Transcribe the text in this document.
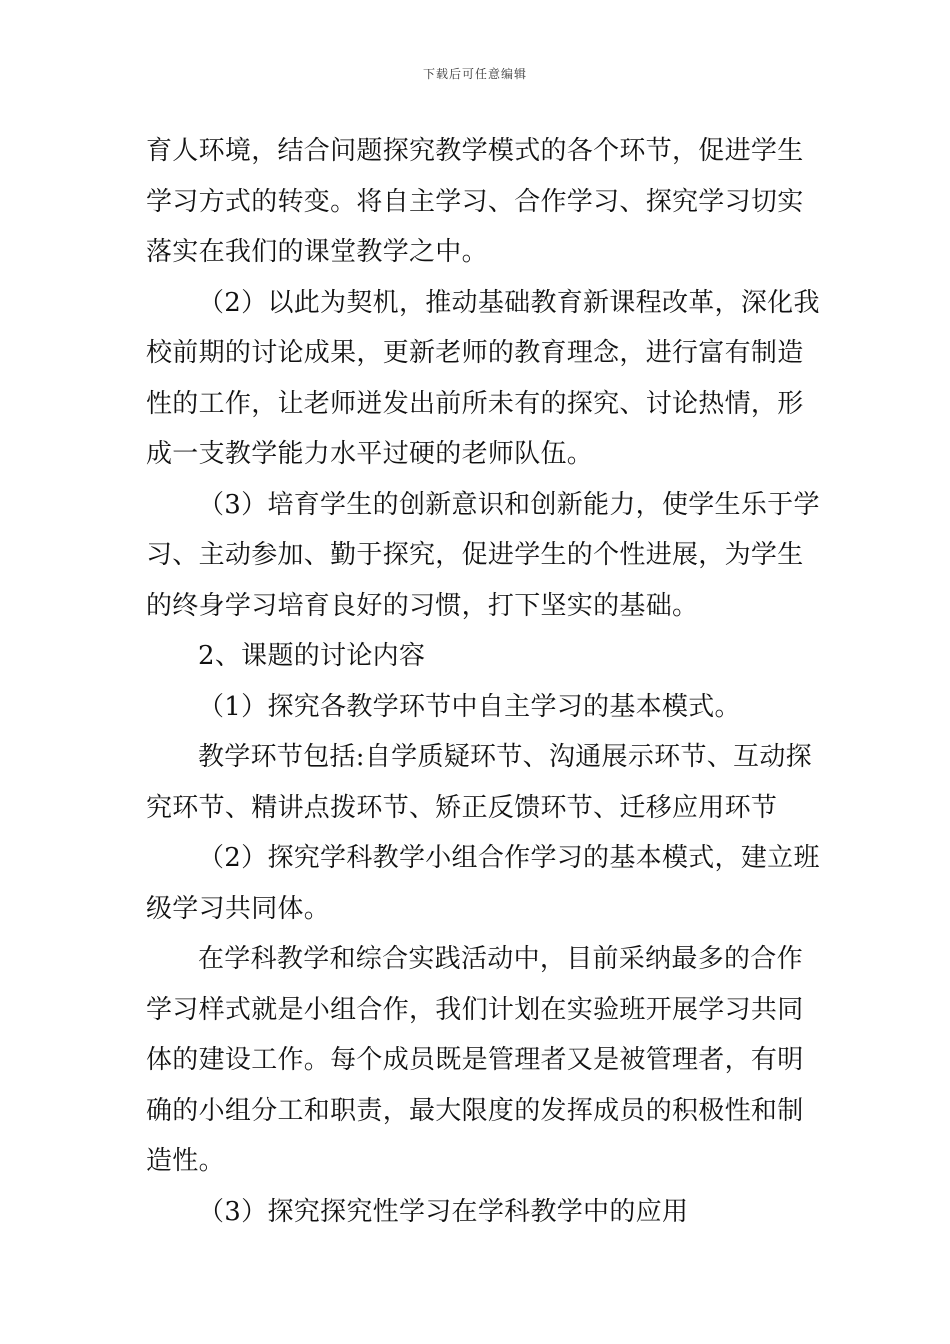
下载后可任意编辑
育人环境，结合问题探究教学模式的各个环节，促进学生
学习方式的转变。将自主学习、合作学习、探究学习切实
落实在我们的课堂教学之中。
（2）以此为契机，推动基础教育新课程改革，深化我
校前期的讨论成果，更新老师的教育理念，进行富有制造
性的工作，让老师迸发出前所未有的探究、讨论热情，形
成一支教学能力水平过硬的老师队伍。
（3）培育学生的创新意识和创新能力，使学生乐于学
习、主动参加、勤于探究，促进学生的个性进展，为学生
的终身学习培育良好的习惯，打下坚实的基础。
2、课题的讨论内容
（1）探究各教学环节中自主学习的基本模式。
教学环节包括:自学质疑环节、沟通展示环节、互动探
究环节、精讲点拨环节、矫正反馈环节、迁移应用环节
（2）探究学科教学小组合作学习的基本模式，建立班
级学习共同体。
在学科教学和综合实践活动中，目前采纳最多的合作
学习样式就是小组合作，我们计划在实验班开展学习共同
体的建设工作。每个成员既是管理者又是被管理者，有明
确的小组分工和职责，最大限度的发挥成员的积极性和制
造性。
（3）探究探究性学习在学科教学中的应用
